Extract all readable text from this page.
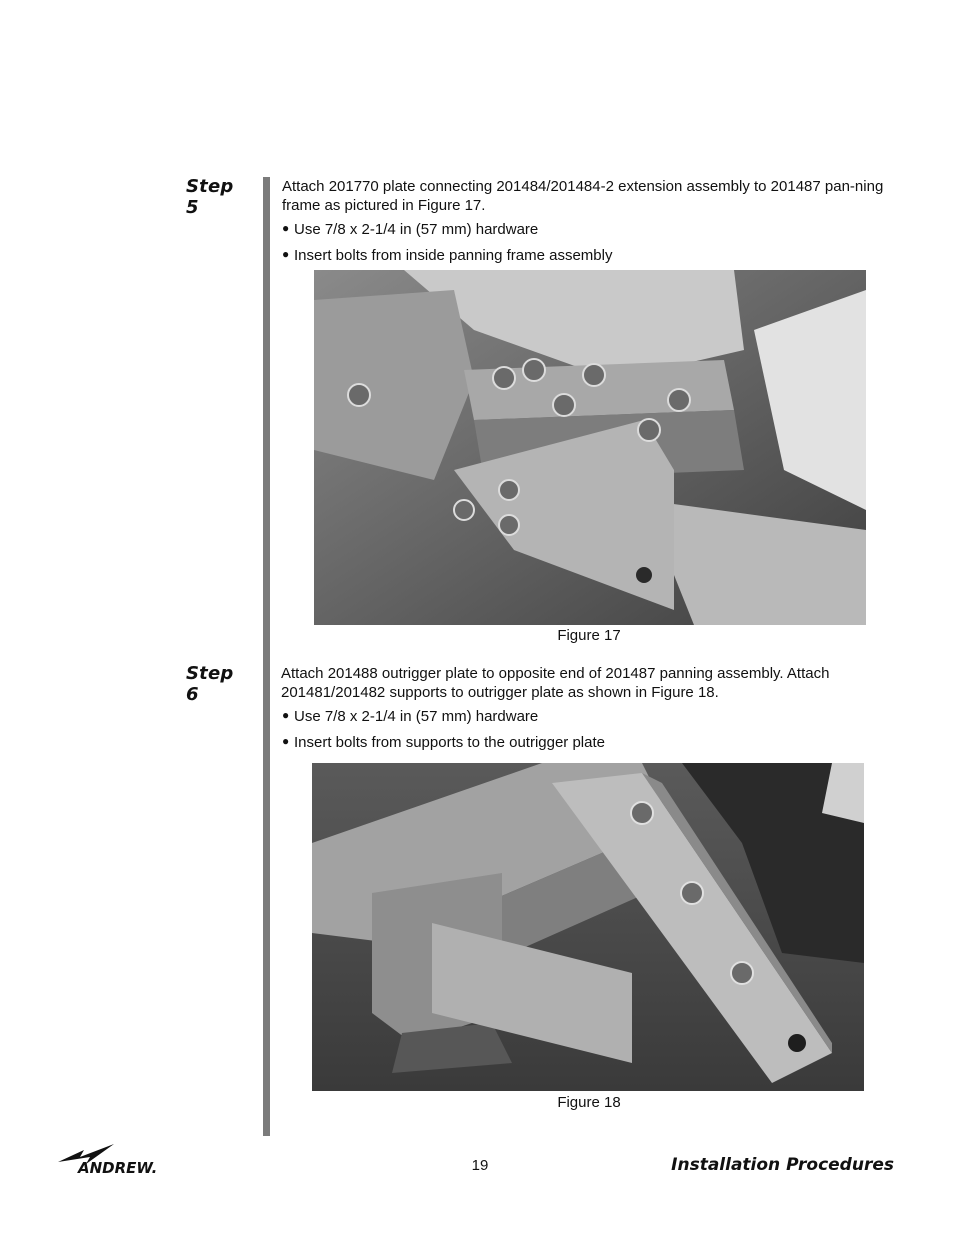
Step 5
Attach 201770 plate connecting 201484/201484-2 extension assembly to 201487 pan-ning frame as pictured in Figure 17.
● Use 7/8 x 2-1/4 in (57 mm) hardware
● Insert bolts from inside panning frame assembly
Figure 17
Step 6
Attach 201488 outrigger plate to opposite end of 201487 panning assembly. Attach 201481/201482 supports to outrigger plate as shown in Figure 18.
● Use 7/8 x 2-1/4 in (57 mm) hardware
● Insert bolts from supports to the outrigger plate
Figure 18
ANDREW.	19	Installation Procedures
